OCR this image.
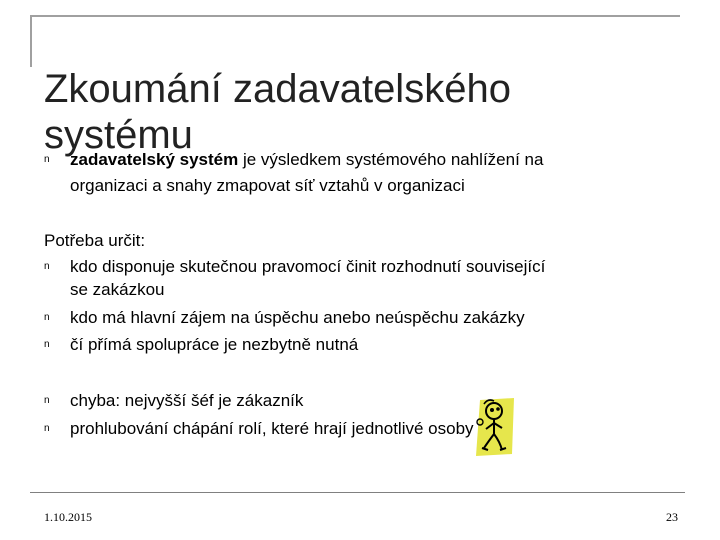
Zkoumání zadavatelského
systému
n zadavatelský systém je výsledkem systémového nahlížení na
organizaci a snahy zmapovat síť vztahů v organizaci
Potřeba určit:
n kdo disponuje skutečnou pravomocí činit rozhodnutí související
se zakázkou
n kdo má hlavní zájem na úspěchu anebo neúspěchu zakázky
n čí přímá spolupráce je nezbytně nutná
n chyba: nejvyšší šéf je zákazník
n prohlubování chápání rolí, které hrají jednotlivé osoby
1.10.2015	23
